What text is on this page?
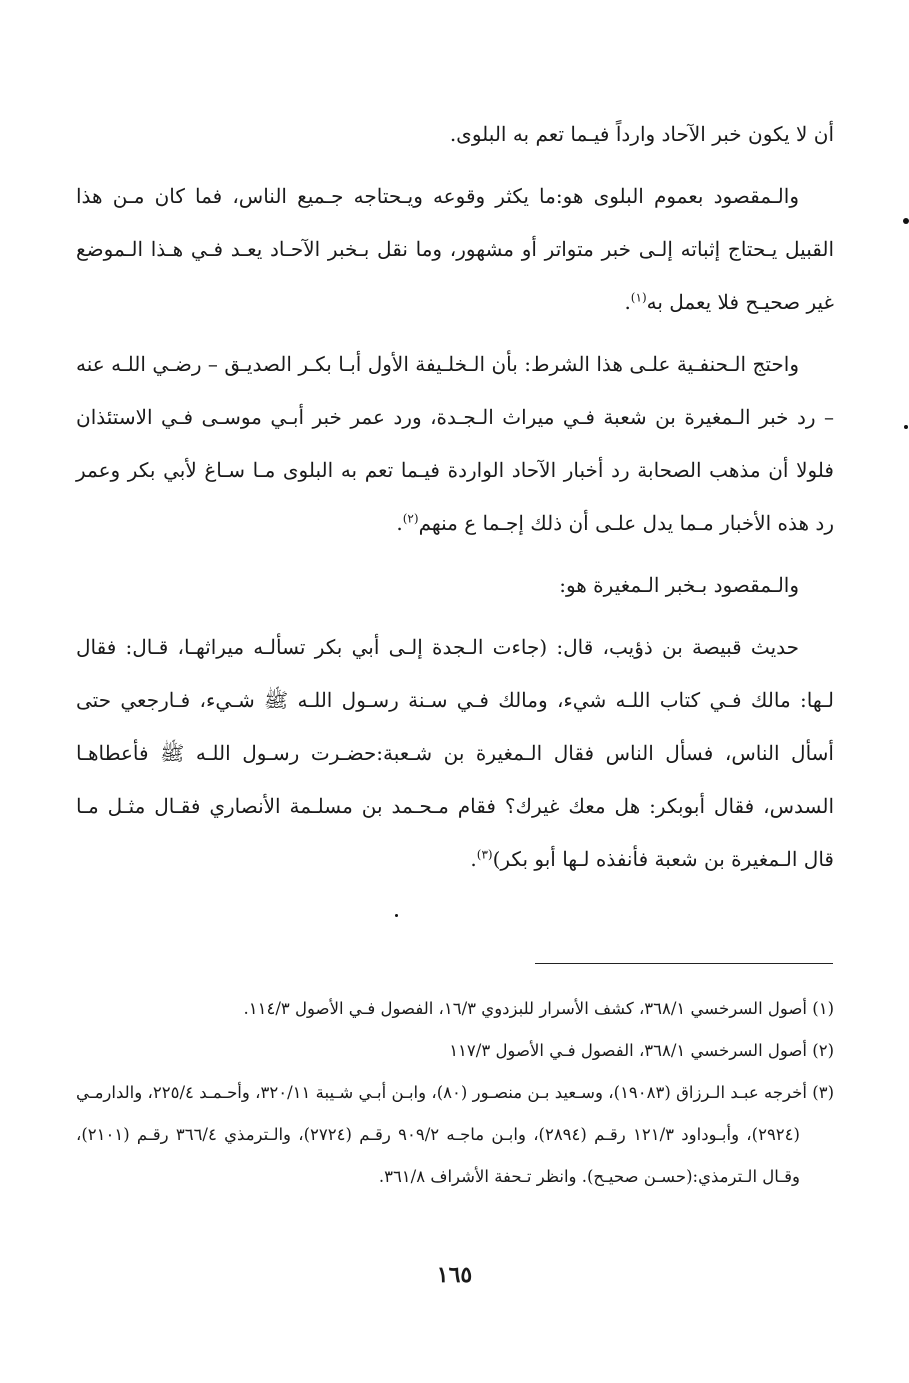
أن لا يكون خبر الآحاد وارداً فيـما تعم به البلوى.

والـمقصود بعموم البلوى هو:ما يكثر وقوعه ويـحتاجه جـميع الناس، فما كان مـن هذا القبيل يـحتاج إثباته إلـى خبر متواتر أو مشهور، وما نقل بـخبر الآحـاد يعـد فـي هـذا الـموضع غير صحيـح فلا يعمل به$^{(١)}$.

واحتج الـحنفـية علـى هذا الشرط: بأن الـخلـيفة الأول أبـا بكـر الصديـق – رضـي اللـه عنه – رد خبر الـمغيرة بن شعبة فـي ميراث الـجـدة، ورد عمر خبر أبـي موسـى فـي الاستئذان فلولا أن مذهب الصحابة رد أخبار الآحاد الواردة فيـما تعم به البلوى مـا سـاغ لأبي بكر وعمر رد هذه الأخبار مـما يدل علـى أن ذلك إجـما ع منهم$^{(٢)}$.

والـمقصود بـخبر الـمغيرة هو:

حديث قبيصة بن ذؤيب، قال: (جاءت الـجدة إلـى أبي بكر تسألـه ميراثهـا، قـال: فقال لـها: مالك فـي كتاب اللـه شيء، ومالك فـي سـنة رسـول اللـه ﷺ شـيء، فـارجعي حتى أسأل الناس، فسأل الناس فقال الـمغيرة بن شـعبة:حضـرت رسـول اللـه ﷺ فأعطاهـا السدس، فقال أبوبكر: هل معك غيرك؟ فقام مـحـمد بن مسلـمة الأنصاري فقـال مثـل مـا قال الـمغيرة بن شعبة فأنفذه لـها أبو بكر)$^{(٣)}$.

(١) أصول السرخسي ٣٦٨/١، كشف الأسرار للبزدوي ١٦/٣، الفصول فـي الأصول ١١٤/٣.

(٢) أصول السرخسي ٣٦٨/١، الفصول فـي الأصول ١١٧/٣

(٣) أخرجه عبـد الـرزاق (١٩٠٨٣)، وسـعيد بـن منصـور (٨٠)، وابـن أبـي شـيبة ٣٢٠/١١، وأحـمـد ٢٢٥/٤، والدارمـي (٢٩٢٤)، وأبـوداود ١٢١/٣ رقـم (٢٨٩٤)، وابـن ماجـه ٩٠٩/٢ رقـم (٢٧٢٤)، والـترمذي ٣٦٦/٤ رقـم (٢١٠١)، وقـال الـترمذي:(حسـن صحيـح). وانظر تـحفة الأشراف ٣٦١/٨.

١٦٥
